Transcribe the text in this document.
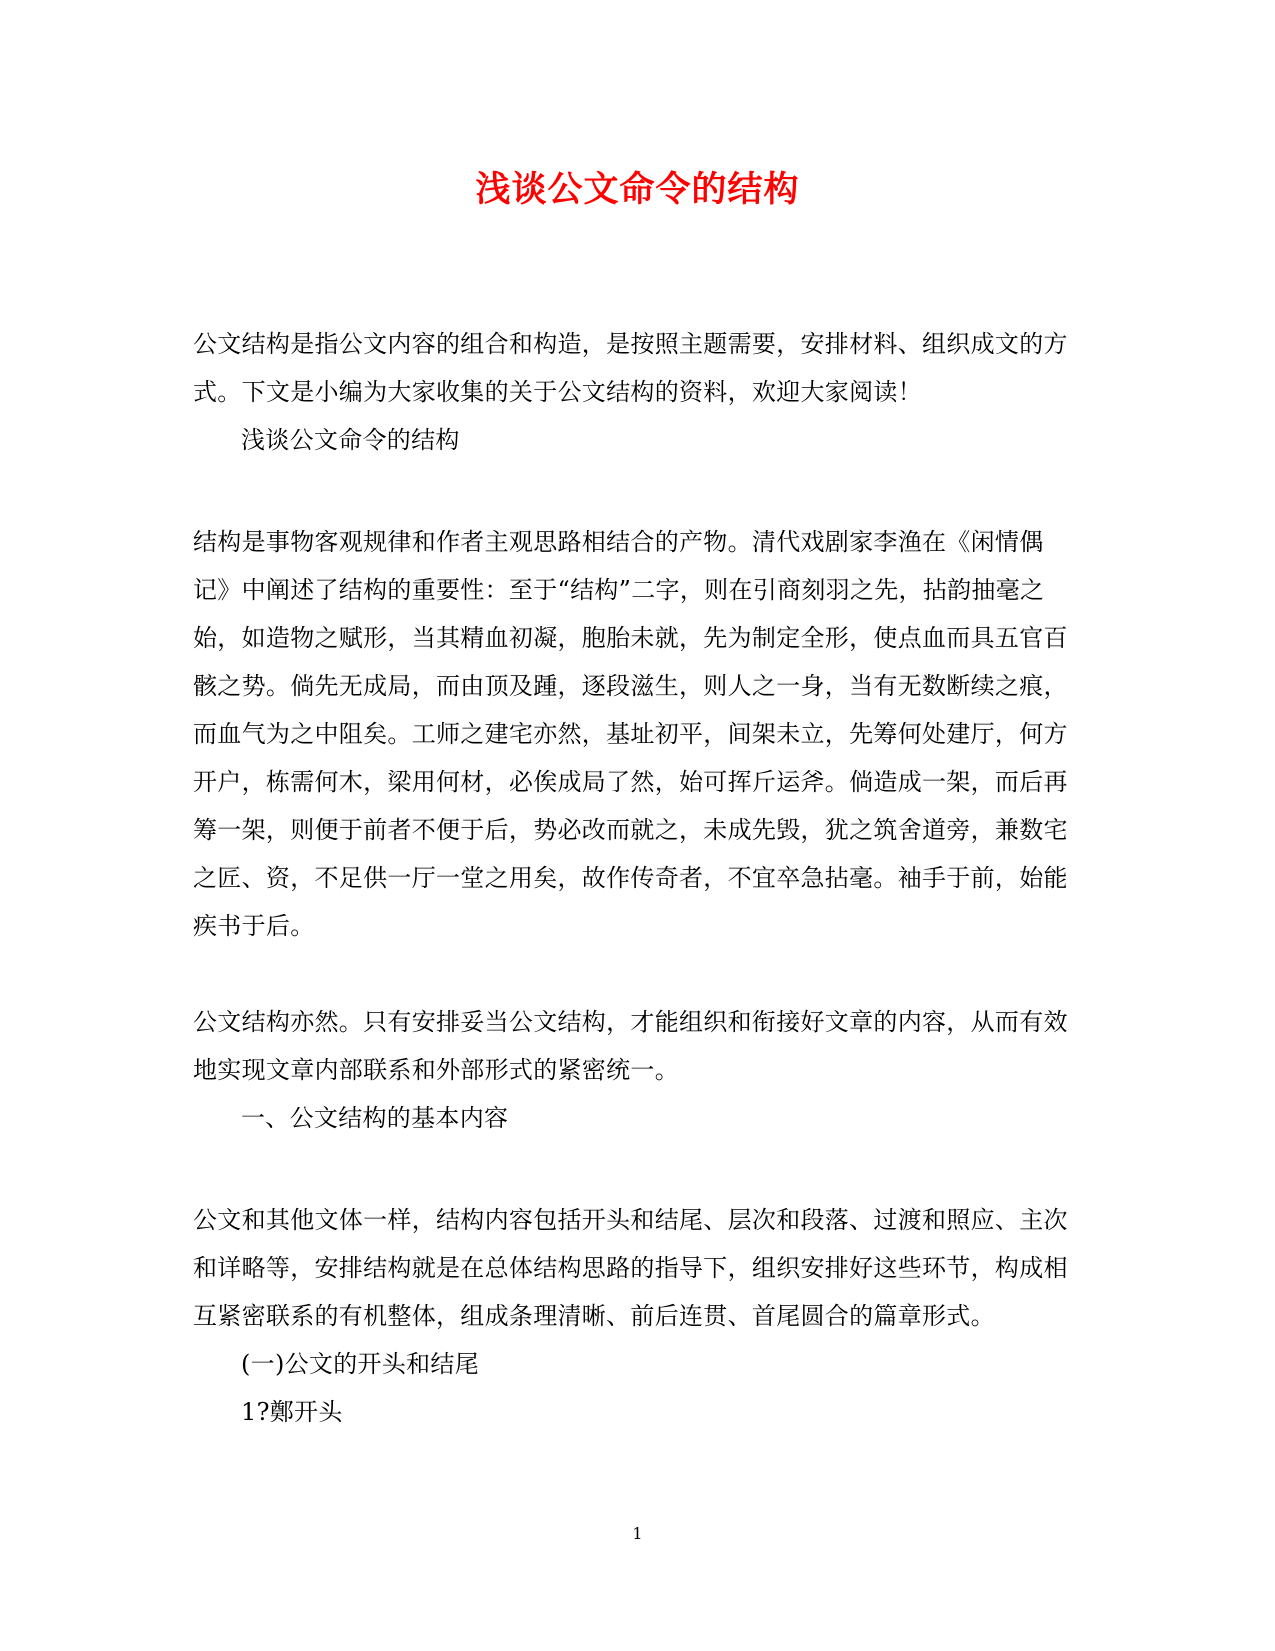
浅谈公文命令的结构
公文结构是指公文内容的组合和构造，是按照主题需要，安排材料、组织成文的方式。下文是小编为大家收集的关于公文结构的资料，欢迎大家阅读！
浅谈公文命令的结构
结构是事物客观规律和作者主观思路相结合的产物。清代戏剧家李渔在《闲情偶记》中阐述了结构的重要性：至于“结构”二字，则在引商刻羽之先，拈韵抽毫之始，如造物之赋形，当其精血初凝，胞胎未就，先为制定全形，使点血而具五官百骸之势。倘先无成局，而由顶及踵，逐段滋生，则人之一身，当有无数断续之痕，而血气为之中阻矣。工师之建宅亦然，基址初平，间架未立，先筹何处建厅，何方开户，栋需何木，梁用何材，必俟成局了然，始可挥斤运斧。倘造成一架，而后再筹一架，则便于前者不便于后，势必改而就之，未成先毁，犹之筑舍道旁，兼数宅之匠、资，不足供一厅一堂之用矣，故作传奇者，不宜卒急拈毫。袖手于前，始能疾书于后。
公文结构亦然。只有安排妥当公文结构，才能组织和衔接好文章的内容，从而有效地实现文章内部联系和外部形式的紧密统一。
一、公文结构的基本内容
公文和其他文体一样，结构内容包括开头和结尾、层次和段落、过渡和照应、主次和详略等，安排结构就是在总体结构思路的指导下，组织安排好这些环节，构成相互紧密联系的有机整体，组成条理清晰、前后连贯、首尾圆合的篇章形式。
(一)公文的开头和结尾
1?鄭开头
1
